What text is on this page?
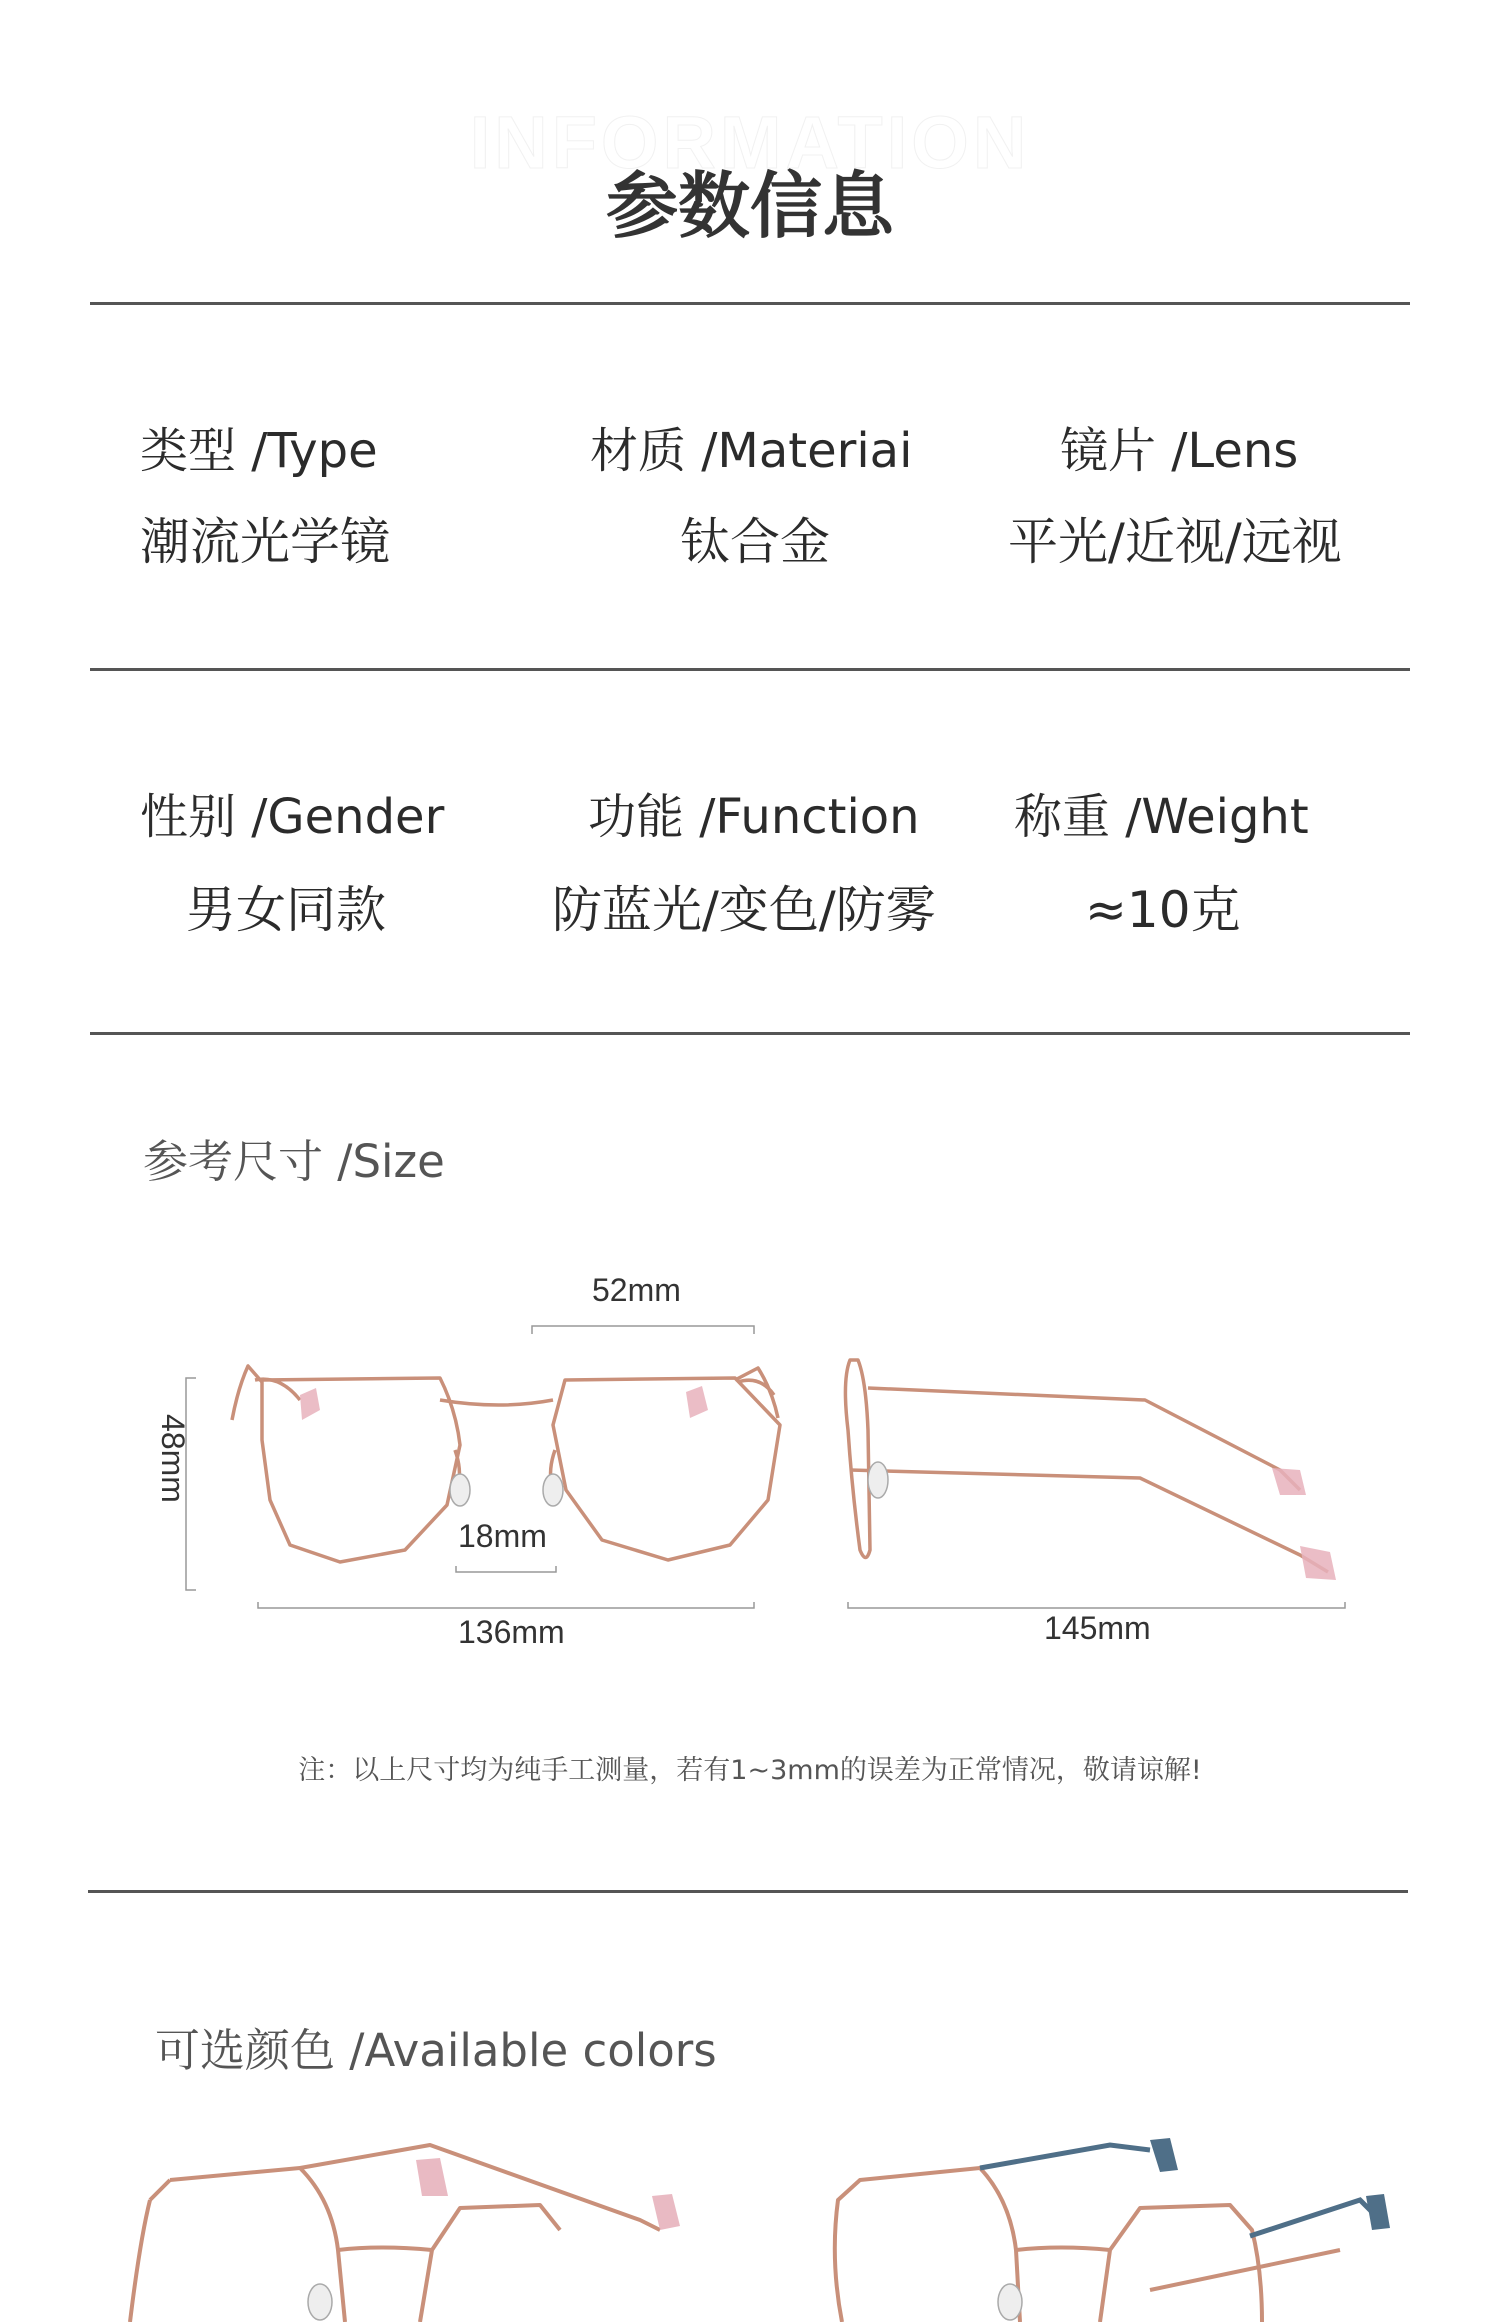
INFORMATION
参数信息
类型 /Type
潮流光学镜
材质 /Materiai
钛合金
镜片 /Lens
平光/近视/远视
性别 /Gender
男女同款
功能 /Function
防蓝光/变色/防雾
称重 /Weight
≈10克
参考尺寸 /Size
52mm
48mm
18mm
136mm	145mm
注：以上尺寸均为纯手工测量，若有1~3mm的误差为正常情况，敬请谅解!
可选颜色 /Available colors
